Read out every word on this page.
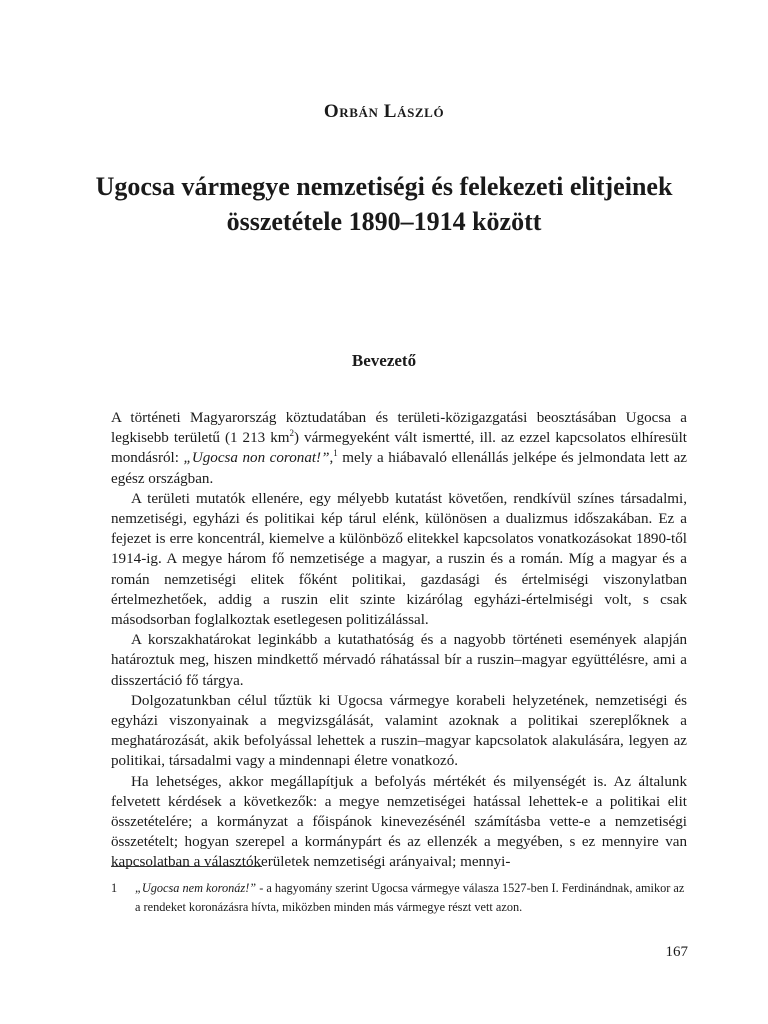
Orbán László
Ugocsa vármegye nemzetiségi és felekezeti elitjeinek összetétele 1890–1914 között
Bevezető

A történeti Magyarország köztudatában és területi-közigazgatási beosztásában Ugocsa a legkisebb területű (1 213 $km^2$) vármegyeként vált ismertté, ill. az ezzel kapcsolatos elhíresült mondásról: „Ugocsa non coronat!”,$^1$ mely a hiábavaló ellenállás jelképe és jelmondata lett az egész országban.

A területi mutatók ellenére, egy mélyebb kutatást követően, rendkívül színes társadalmi, nemzetiségi, egyházi és politikai kép tárul elénk, különösen a dualizmus időszakában. Ez a fejezet is erre koncentrál, kiemelve a különböző elitekkel kapcsolatos vonatkozásokat 1890-től 1914-ig. A megye három fő nemzetisége a magyar, a ruszin és a román. Míg a magyar és a román nemzetiségi elitek főként politikai, gazdasági és értelmiségi viszonylatban értelmezhetőek, addig a ruszin elit szinte kizárólag egyházi-értelmiségi volt, s csak másodsorban foglalkoztak esetlegesen politizálással.

A korszakhatárokat leginkább a kutathatóság és a nagyobb történeti események alapján határoztuk meg, hiszen mindkettő mérvadó ráhatással bír a ruszin–magyar együttélésre, ami a disszertáció fő tárgya.

Dolgozatunkban célul tűztük ki Ugocsa vármegye korabeli helyzetének, nemzetiségi és egyházi viszonyainak a megvizsgálását, valamint azoknak a politikai szereplőknek a meghatározását, akik befolyással lehettek a ruszin–magyar kapcsolatok alakulására, legyen az politikai, társadalmi vagy a mindennapi életre vonatkozó.

Ha lehetséges, akkor megállapítjuk a befolyás mértékét és milyenségét is. Az általunk felvetett kérdések a következők: a megye nemzetiségei hatással lehettek-e a politikai elit összetételére; a kormányzat a főispánok kinevezésénél számításba vette-e a nemzetiségi összetételt; hogyan szerepel a kormánypárt és az ellenzék a megyében, s ez mennyire van kapcsolatban a választókerületek nemzetiségi arányaival; mennyi-

1	„Ugocsa nem koronáz!” - a hagyomány szerint Ugocsa vármegye válasza 1527-ben I. Ferdinándnak, amikor az a rendeket koronázásra hívta, miközben minden más vármegye részt vett azon.
167
